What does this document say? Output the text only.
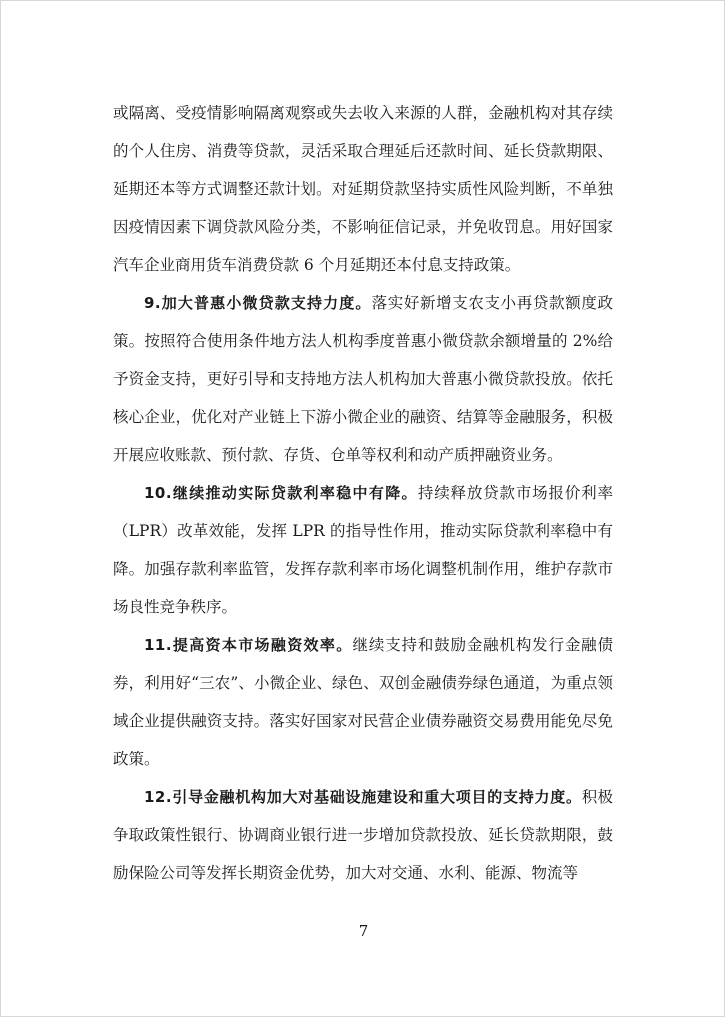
或隔离、受疫情影响隔离观察或失去收入来源的人群，金融机构对其存续的个人住房、消费等贷款，灵活采取合理延后还款时间、延长贷款期限、延期还本等方式调整还款计划。对延期贷款坚持实质性风险判断，不单独因疫情因素下调贷款风险分类，不影响征信记录，并免收罚息。用好国家汽车企业商用货车消费贷款 6 个月延期还本付息支持政策。

9.加大普惠小微贷款支持力度。落实好新增支农支小再贷款额度政策。按照符合使用条件地方法人机构季度普惠小微贷款余额增量的 2%给予资金支持，更好引导和支持地方法人机构加大普惠小微贷款投放。依托核心企业，优化对产业链上下游小微企业的融资、结算等金融服务，积极开展应收账款、预付款、存货、仓单等权利和动产质押融资业务。

10.继续推动实际贷款利率稳中有降。持续释放贷款市场报价利率（LPR）改革效能，发挥 LPR 的指导性作用，推动实际贷款利率稳中有降。加强存款利率监管，发挥存款利率市场化调整机制作用，维护存款市场良性竞争秩序。

11.提高资本市场融资效率。继续支持和鼓励金融机构发行金融债券，利用好“三农”、小微企业、绿色、双创金融债券绿色通道，为重点领域企业提供融资支持。落实好国家对民营企业债券融资交易费用能免尽免政策。

12.引导金融机构加大对基础设施建设和重大项目的支持力度。积极争取政策性银行、协调商业银行进一步增加贷款投放、延长贷款期限，鼓励保险公司等发挥长期资金优势，加大对交通、水利、能源、物流等

7
